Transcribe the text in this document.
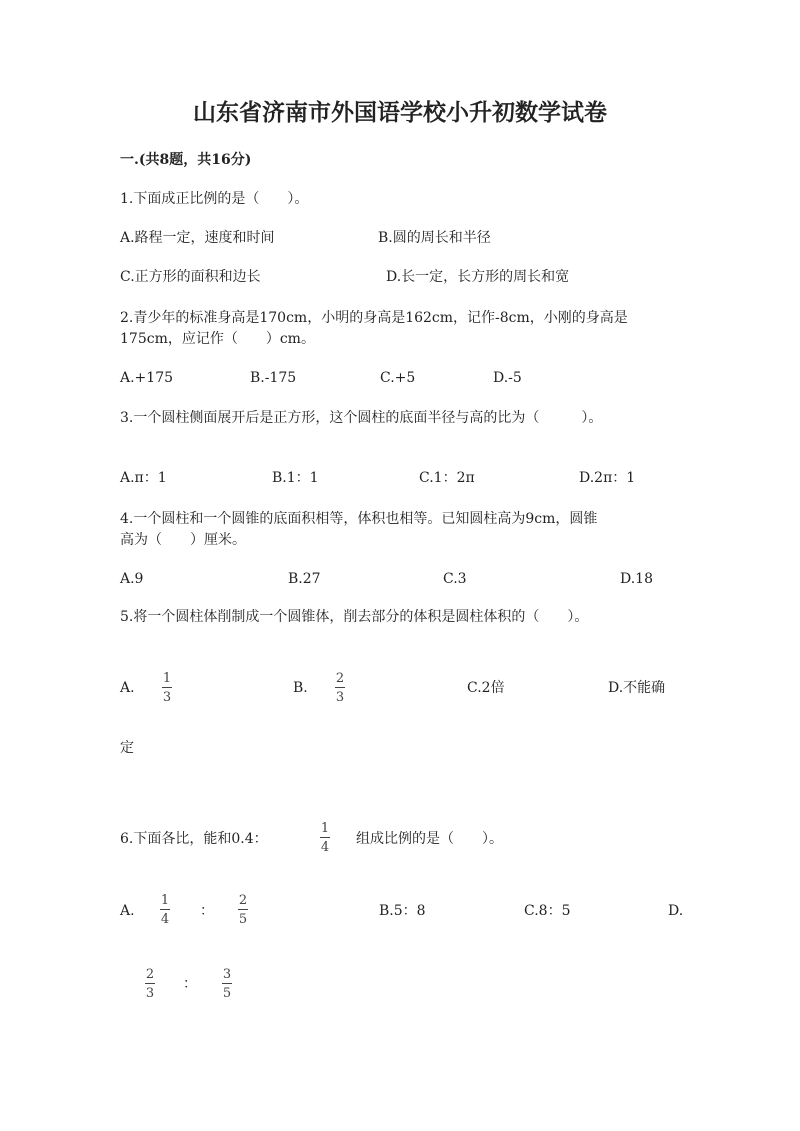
山东省济南市外国语学校小升初数学试卷
一.(共8题，共16分)
1.下面成正比例的是（　　）。
A.路程一定，速度和时间	B.圆的周长和半径
C.正方形的面积和边长	D.长一定，长方形的周长和宽
2.青少年的标准身高是170cm，小明的身高是162cm，记作-8cm，小刚的身高是
175cm，应记作（　　）cm。
A.+175	B.-175	C.+5	D.-5
3.一个圆柱侧面展开后是正方形，这个圆柱的底面半径与高的比为（　　　）。
A.π：1	B.1：1	C.1：2π	D.2π：1
4.一个圆柱和一个圆锥的底面积相等，体积也相等。已知圆柱高为9cm，圆锥
高为（　　）厘米。
A.9	B.27	C.3	D.18
5.将一个圆柱体削制成一个圆锥体，削去部分的体积是圆柱体积的（　　）。
A.
1
3
B.
2
3
C.2倍	D.不能确
定
6.下面各比，能和0.4：
1
4
组成比例的是（　　）。
A.
1
4
：
2
5
B.5：8	C.8：5	D.
2
3
：
3
5
